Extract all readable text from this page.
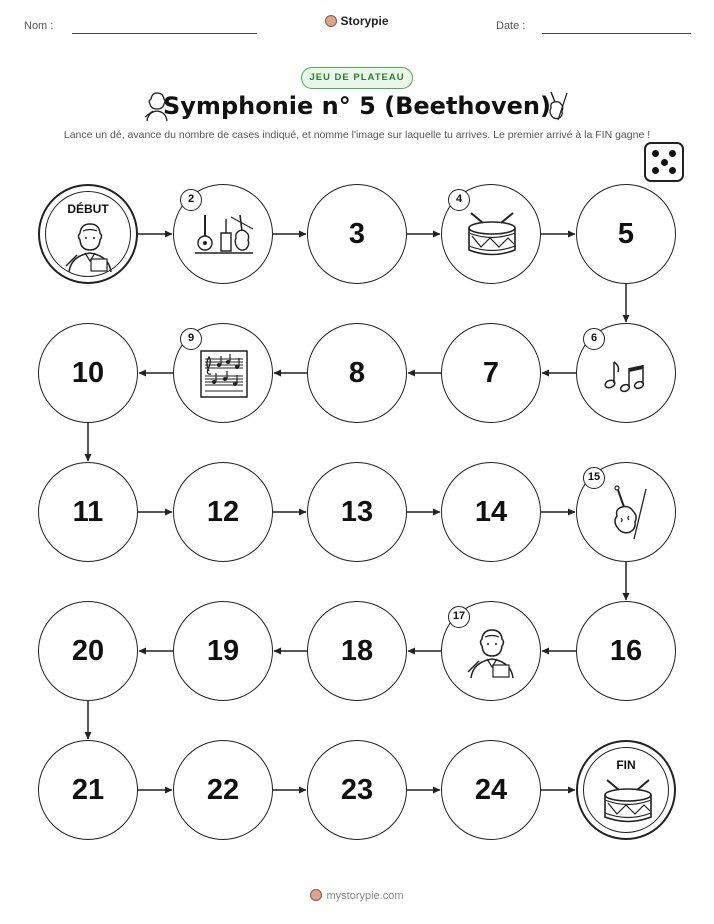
Nom :	Storypie	Date :
JEU DE PLATEAU
Symphonie n° 5 (Beethoven)
Lance un dé, avance du nombre de cases indiqué, et nomme l'image sur laquelle tu arrives. Le premier arrivé à la FIN gagne !
DÉBUT
2
3
4
5
6
7
8
9
10
11	12	13	14
15
16
17
18
19
20
21	22	23	24
FIN
mystorypie.com
